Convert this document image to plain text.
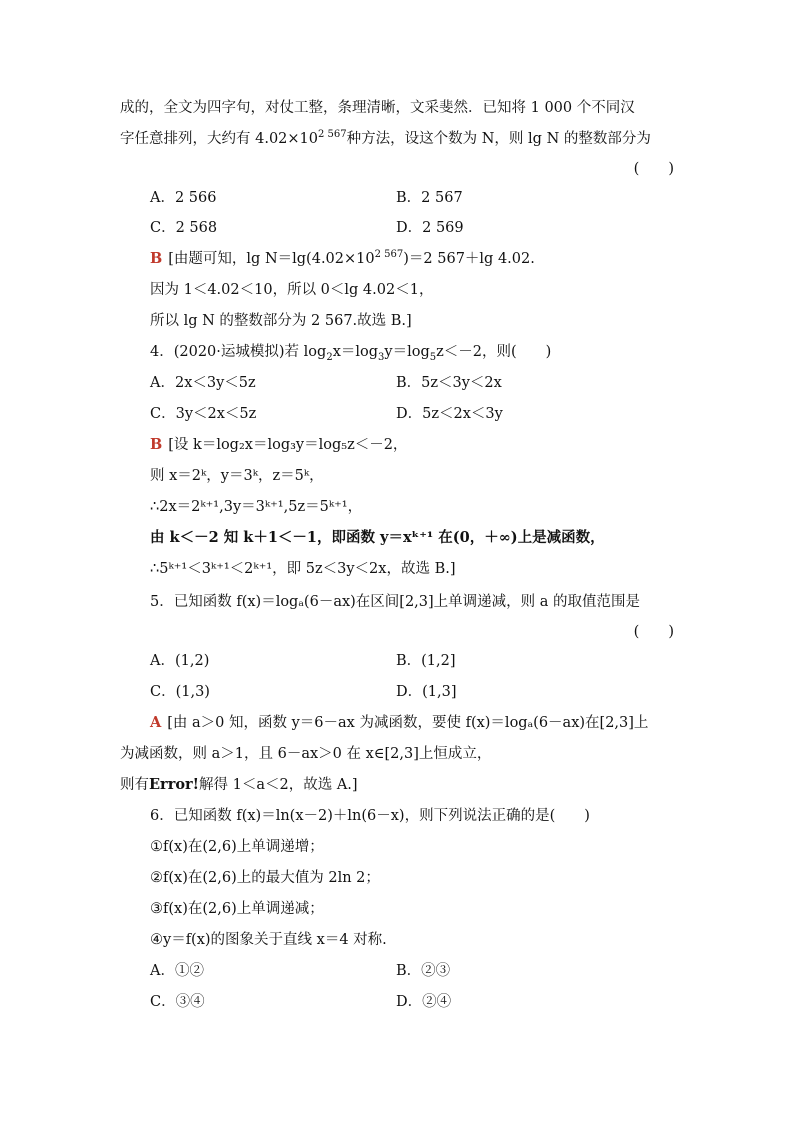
成的，全文为四字句，对仗工整，条理清晰，文采斐然．已知将 1 000 个不同汉
字任意排列，大约有 $4.02\times 10^{2 567}$种方法，设这个数为 N，则 lg N 的整数部分为
(　　)
A．2 566	B．2 567
C．2 568	D．2 569
B [由题可知，$\lg N=\lg(4.02\times 10^{2 567})=2$ 567＋lg 4.02.
因为 1＜4.02＜10，所以 0＜lg 4.02＜1，
所以 lg N 的整数部分为 2 567.故选 B.]
4．(2020·运城模拟)若 $\log_2x=\log_3y=\log_5z<-2$，则(　　)
A．2x＜3y＜5z	B．5z＜3y＜2x
C．3y＜2x＜5z	D．5z＜2x＜3y
B [设 k＝log₂x＝log₃y＝log₅z＜－2，
则 x＝2ᵏ，y＝3ᵏ，z＝5ᵏ，
∴2x＝2ᵏ⁺¹,3y＝3ᵏ⁺¹,5z＝5ᵏ⁺¹，
由 k＜－2 知 k＋1＜－1，即函数 y＝xᵏ⁺¹ 在(0，＋∞)上是减函数，
∴5ᵏ⁺¹＜3ᵏ⁺¹＜2ᵏ⁺¹，即 5z＜3y＜2x，故选 B.]
5．已知函数 f(x)＝logₐ(6－ax)在区间[2,3]上单调递减，则 a 的取值范围是
(　　)
A．(1,2)	B．(1,2]
C．(1,3)	D．(1,3]
A [由 a＞0 知，函数 y＝6－ax 为减函数，要使 f(x)＝logₐ(6－ax)在[2,3]上
为减函数，则 a＞1，且 6－ax＞0 在 x∈[2,3]上恒成立，
则有Error!解得 1＜a＜2，故选 A.]
6．已知函数 f(x)＝ln(x－2)＋ln(6－x)，则下列说法正确的是(　　)
①f(x)在(2,6)上单调递增；
②f(x)在(2,6)上的最大值为 2ln 2；
③f(x)在(2,6)上单调递减；
④y＝f(x)的图象关于直线 x＝4 对称.
A．①②	B．②③
C．③④	D．②④
